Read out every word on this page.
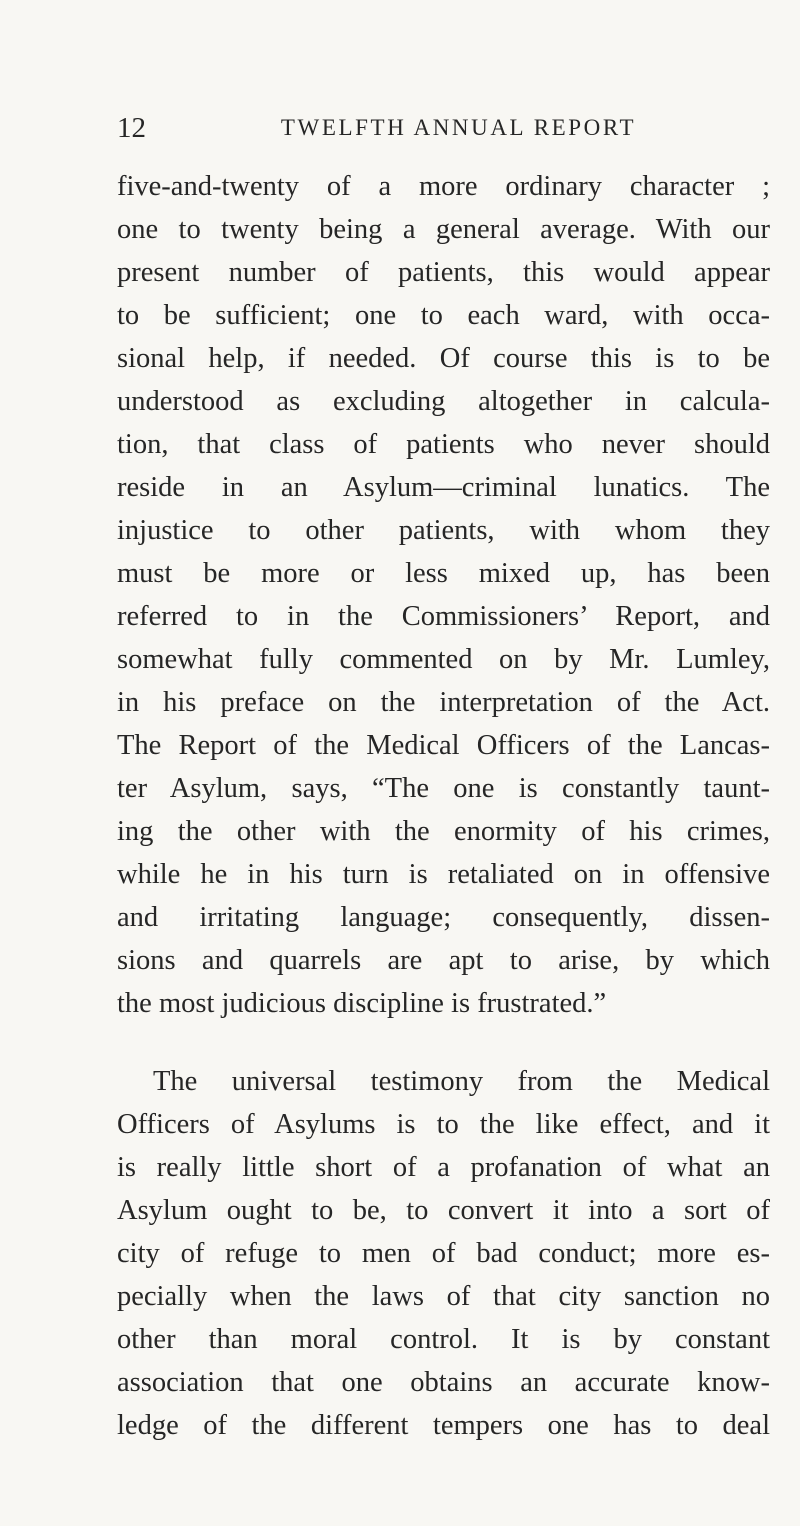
12	TWELFTH ANNUAL REPORT
five-and-twenty of a more ordinary character ;
one to twenty being a general average. With our
present number of patients, this would appear
to be sufficient; one to each ward, with occa-
sional help, if needed. Of course this is to be
understood as excluding altogether in calcula-
tion, that class of patients who never should
reside in an Asylum—criminal lunatics. The
injustice to other patients, with whom they
must be more or less mixed up, has been
referred to in the Commissioners’ Report, and
somewhat fully commented on by Mr. Lumley,
in his preface on the interpretation of the Act.
The Report of the Medical Officers of the Lancas-
ter Asylum, says, “The one is constantly taunt-
ing the other with the enormity of his crimes,
while he in his turn is retaliated on in offensive
and irritating language; consequently, dissen-
sions and quarrels are apt to arise, by which
the most judicious discipline is frustrated.”
The universal testimony from the Medical
Officers of Asylums is to the like effect, and it
is really little short of a profanation of what an
Asylum ought to be, to convert it into a sort of
city of refuge to men of bad conduct; more es-
pecially when the laws of that city sanction no
other than moral control. It is by constant
association that one obtains an accurate know-
ledge of the different tempers one has to deal
